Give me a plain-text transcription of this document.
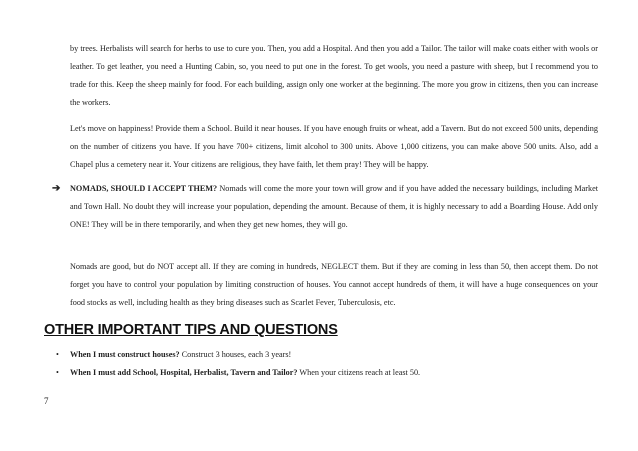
by trees. Herbalists will search for herbs to use to cure you. Then, you add a Hospital. And then you add a Tailor. The tailor will make coats either with wools or leather. To get leather, you need a Hunting Cabin, so, you need to put one in the forest. To get wools, you need a pasture with sheep, but I recommend you to trade for this. Keep the sheep mainly for food. For each building, assign only one worker at the beginning. The more you grow in citizens, then you can increase the workers.

Let's move on happiness! Provide them a School. Build it near houses. If you have enough fruits or wheat, add a Tavern. But do not exceed 500 units, depending on the number of citizens you have. If you have 700+ citizens, limit alcohol to 300 units. Above 1,000 citizens, you can make above 500 units. Also, add a Chapel plus a cemetery near it. Your citizens are religious, they have faith, let them pray! They will be happy.

➔ NOMADS, SHOULD I ACCEPT THEM? Nomads will come the more your town will grow and if you have added the necessary buildings, including Market and Town Hall. No doubt they will increase your population, depending the amount. Because of them, it is highly necessary to add a Boarding House. Add only ONE! They will be in there temporarily, and when they get new homes, they will go.

Nomads are good, but do NOT accept all. If they are coming in hundreds, NEGLECT them. But if they are coming in less than 50, then accept them. Do not forget you have to control your population by limiting construction of houses. You cannot accept hundreds of them, it will have a huge consequences on your food stocks as well, including health as they bring diseases such as Scarlet Fever, Tuberculosis, etc.

OTHER IMPORTANT TIPS AND QUESTIONS
• When I must construct houses? Construct 3 houses, each 3 years!
• When I must add School, Hospital, Herbalist, Tavern and Tailor? When your citizens reach at least 50.
7
